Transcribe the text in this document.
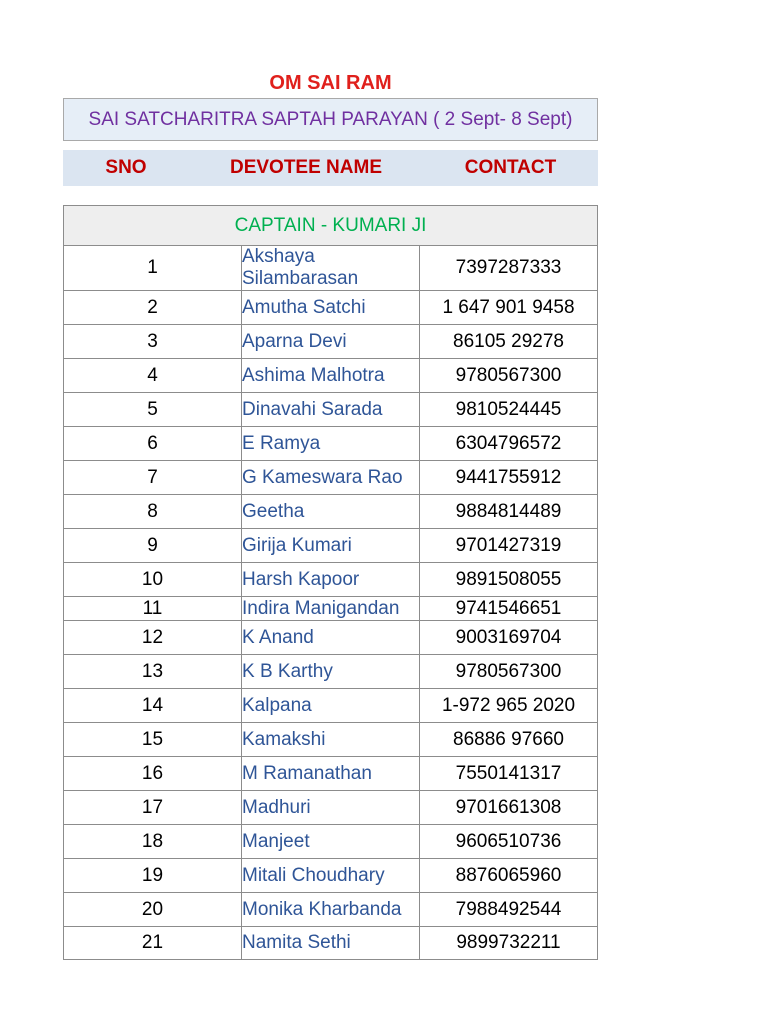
OM SAI RAM
SAI SATCHARITRA SAPTAH PARAYAN ( 2 Sept- 8 Sept)
SNO	DEVOTEE NAME	CONTACT
CAPTAIN - KUMARI JI		
1	Akshaya Silambarasan	7397287333
2	Amutha Satchi	1 647 901 9458
3	Aparna Devi	86105 29278
4	Ashima Malhotra	9780567300
5	Dinavahi Sarada	9810524445
6	E Ramya	6304796572
7	G Kameswara Rao	9441755912
8	Geetha	9884814489
9	Girija Kumari	9701427319
10	Harsh Kapoor	9891508055
11	Indira Manigandan	9741546651
12	K Anand	9003169704
13	K B Karthy	9780567300
14	Kalpana	1-972 965 2020
15	Kamakshi	86886 97660
16	M Ramanathan	7550141317
17	Madhuri	9701661308
18	Manjeet	9606510736
19	Mitali Choudhary	8876065960
20	Monika Kharbanda	7988492544
21	Namita Sethi	9899732211
